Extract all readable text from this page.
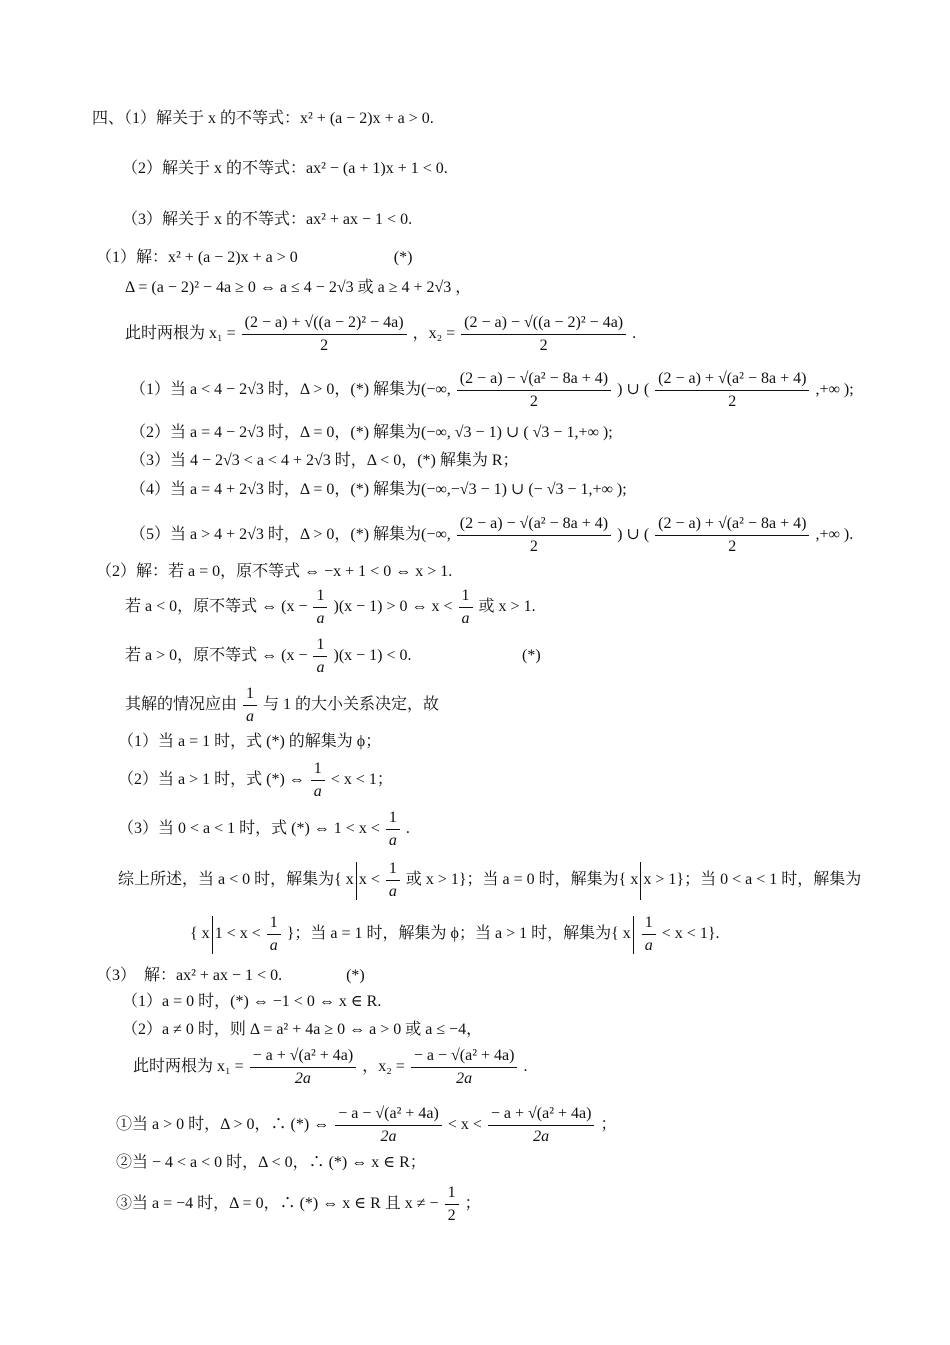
四、（1）解关于 x 的不等式：x² + (a − 2)x + a > 0.
（2）解关于 x 的不等式：ax² − (a + 1)x + 1 < 0.
（3）解关于 x 的不等式：ax² + ax − 1 < 0.
（1）解：x² + (a − 2)x + a > 0　　　　　　(*)
Δ = (a − 2)² − 4a ≥ 0 ⇔ a ≤ 4 − 2√3 或 a ≥ 4 + 2√3 ，
此时两根为 $x_1 = \frac{\text{(2 − a) + √((a − 2)² − 4a)}}{2}$ ，$x_2 = \frac{\text{(2 − a) − √((a − 2)² − 4a)}}{2}$ .
（1）当 a < 4 − 2√3 时，Δ > 0，(*) 解集为(−∞, $\frac{\text{(2 − a) − √(a² − 8a + 4)}}{2}$ ) ∪ ( $\frac{\text{(2 − a) + √(a² − 8a + 4)}}{2}$ ,+∞ );
（2）当 a = 4 − 2√3 时，Δ = 0，(*) 解集为(−∞, √3 − 1) ∪ ( √3 − 1,+∞ );
（3）当 4 − 2√3 < a < 4 + 2√3 时，Δ < 0，(*) 解集为 R；
（4）当 a = 4 + 2√3 时，Δ = 0，(*) 解集为(−∞,−√3 − 1) ∪ (− √3 − 1,+∞ );
（5）当 a > 4 + 2√3 时，Δ > 0，(*) 解集为(−∞, $\frac{\text{(2 − a) − √(a² − 8a + 4)}}{2}$ ) ∪ ( $\frac{\text{(2 − a) + √(a² − 8a + 4)}}{2}$ ,+∞ ).
（2）解：若 a = 0，原不等式 ⇔ −x + 1 < 0 ⇔ x > 1.
若 a < 0，原不等式 ⇔ $(x - \frac{1}{a} )(x - 1) > 0$ ⇔ $x < \frac{1}{a}$ 或 x > 1.
若 a > 0，原不等式 ⇔ $(x - \frac{1}{a} )(x - 1) < 0$.	(*)
其解的情况应由 $\frac{1}{a}$ 与 1 的大小关系决定，故
（1）当 a = 1 时，式 (*) 的解集为 ϕ；
（2）当 a > 1 时，式 (*) ⇔ $\frac{1}{a} < x < 1$；
（3）当 0 < a < 1 时，式 (*) ⇔ $1 < x < \frac{1}{a}$ .
综上所述，当 a < 0 时，解集为{ x $x < \frac{1}{a}$ 或 x > 1}；当 a = 0 时，解集为{ x x > 1}；当 0 < a < 1 时，解集为
{ x $1 < x < \frac{1}{a}$ }；当 a = 1 时，解集为 ϕ；当 a > 1 时，解集为{ x $\frac{1}{a} < x < 1$}.
（3）　解：ax² + ax − 1 < 0.　　　　(*)
（1）a = 0 时，(*) ⇔ −1 < 0 ⇔ x ∈ R.
（2）a ≠ 0 时，则 Δ = a² + 4a ≥ 0 ⇔ a > 0 或 a ≤ −4，
此时两根为 $x_1 = \frac{\text{− a + √(a² + 4a)}}{2a}$ ，$x_2 = \frac{\text{− a − √(a² + 4a)}}{2a}$ .
①当 a > 0 时，Δ > 0，∴ (*) ⇔ $\frac{\text{− a − √(a² + 4a)}}{2a} < x < \frac{\text{− a + √(a² + 4a)}}{2a}$ ；
②当 − 4 < a < 0 时，Δ < 0，∴ (*) ⇔ x ∈ R；
③当 a = −4 时，Δ = 0，∴ (*) ⇔ x ∈ R 且 x ≠ − $\frac{1}{2}$ ；
